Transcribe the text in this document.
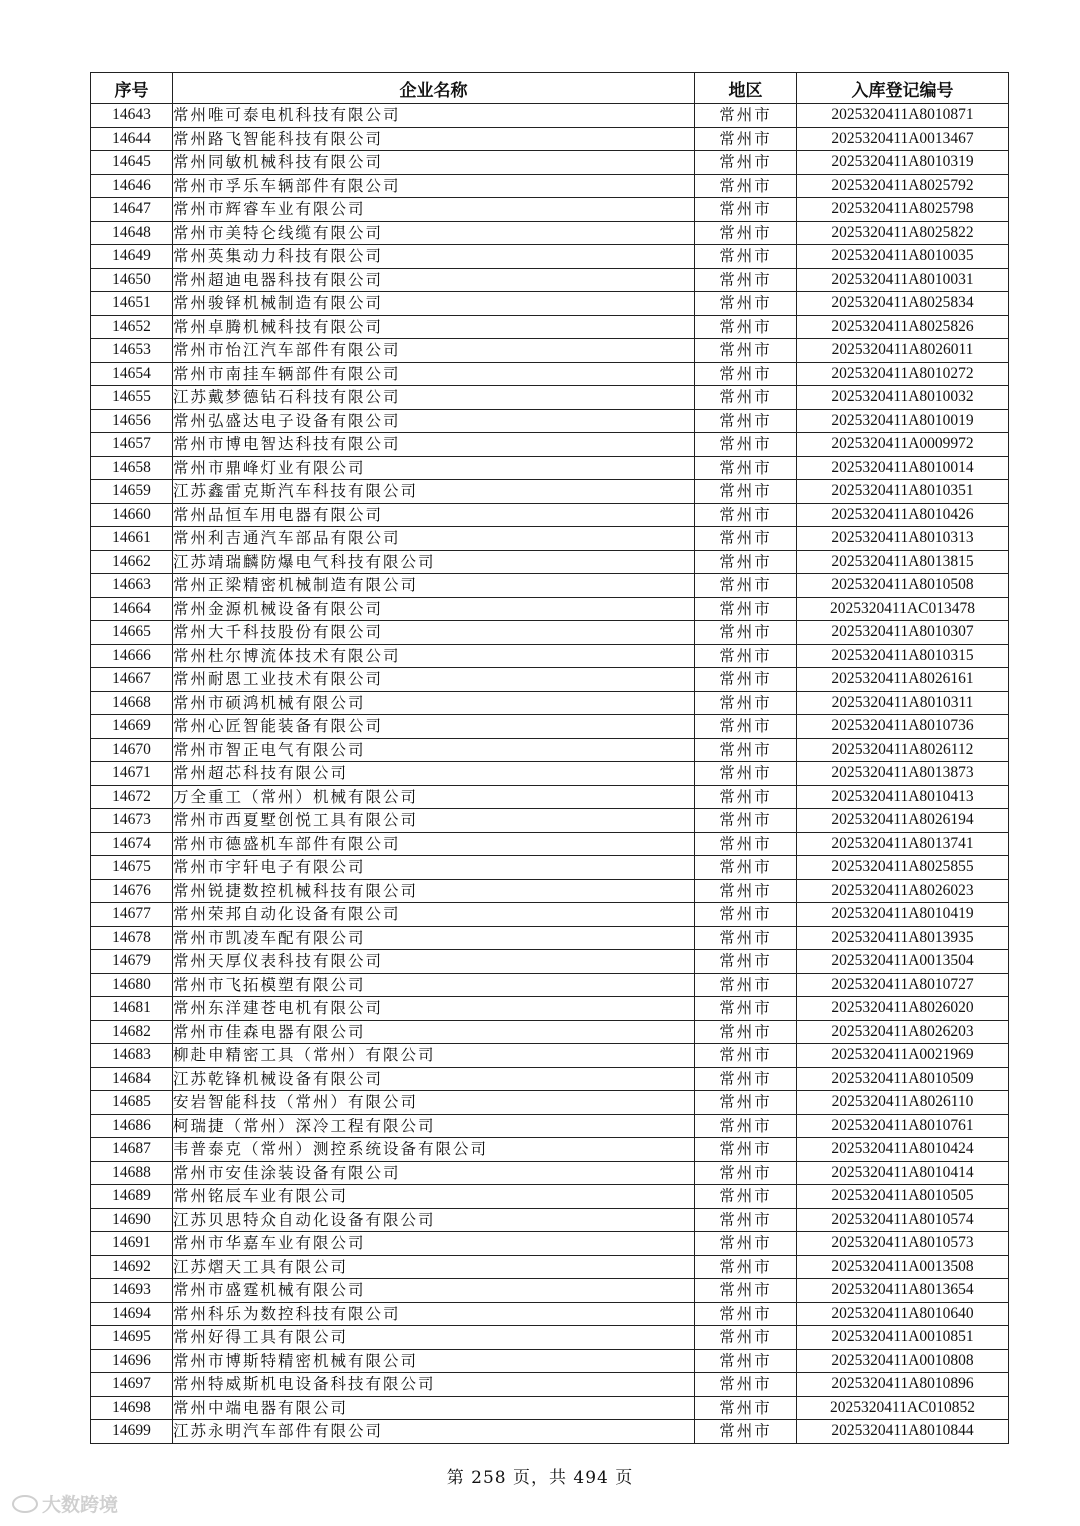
序号	企业名称	地区	入库登记编号
14643	常州唯可泰电机科技有限公司	常州市	2025320411A8010871
14644	常州路飞智能科技有限公司	常州市	2025320411A0013467
14645	常州同敏机械科技有限公司	常州市	2025320411A8010319
14646	常州市孚乐车辆部件有限公司	常州市	2025320411A8025792
14647	常州市辉睿车业有限公司	常州市	2025320411A8025798
14648	常州市美特仑线缆有限公司	常州市	2025320411A8025822
14649	常州英集动力科技有限公司	常州市	2025320411A8010035
14650	常州超迪电器科技有限公司	常州市	2025320411A8010031
14651	常州骏铎机械制造有限公司	常州市	2025320411A8025834
14652	常州卓腾机械科技有限公司	常州市	2025320411A8025826
14653	常州市怡江汽车部件有限公司	常州市	2025320411A8026011
14654	常州市南挂车辆部件有限公司	常州市	2025320411A8010272
14655	江苏戴梦德钻石科技有限公司	常州市	2025320411A8010032
14656	常州弘盛达电子设备有限公司	常州市	2025320411A8010019
14657	常州市博电智达科技有限公司	常州市	2025320411A0009972
14658	常州市鼎峰灯业有限公司	常州市	2025320411A8010014
14659	江苏鑫雷克斯汽车科技有限公司	常州市	2025320411A8010351
14660	常州品恒车用电器有限公司	常州市	2025320411A8010426
14661	常州利吉通汽车部品有限公司	常州市	2025320411A8010313
14662	江苏靖瑞麟防爆电气科技有限公司	常州市	2025320411A8013815
14663	常州正梁精密机械制造有限公司	常州市	2025320411A8010508
14664	常州金源机械设备有限公司	常州市	2025320411AC013478
14665	常州大千科技股份有限公司	常州市	2025320411A8010307
14666	常州杜尔博流体技术有限公司	常州市	2025320411A8010315
14667	常州耐恩工业技术有限公司	常州市	2025320411A8026161
14668	常州市硕鸿机械有限公司	常州市	2025320411A8010311
14669	常州心匠智能装备有限公司	常州市	2025320411A8010736
14670	常州市智正电气有限公司	常州市	2025320411A8026112
14671	常州超芯科技有限公司	常州市	2025320411A8013873
14672	万全重工（常州）机械有限公司	常州市	2025320411A8010413
14673	常州市西夏墅创悦工具有限公司	常州市	2025320411A8026194
14674	常州市德盛机车部件有限公司	常州市	2025320411A8013741
14675	常州市宇轩电子有限公司	常州市	2025320411A8025855
14676	常州锐捷数控机械科技有限公司	常州市	2025320411A8026023
14677	常州荣邦自动化设备有限公司	常州市	2025320411A8010419
14678	常州市凯凌车配有限公司	常州市	2025320411A8013935
14679	常州天厚仪表科技有限公司	常州市	2025320411A0013504
14680	常州市飞拓模塑有限公司	常州市	2025320411A8010727
14681	常州东洋建苍电机有限公司	常州市	2025320411A8026020
14682	常州市佳森电器有限公司	常州市	2025320411A8026203
14683	柳赴申精密工具（常州）有限公司	常州市	2025320411A0021969
14684	江苏乾锋机械设备有限公司	常州市	2025320411A8010509
14685	安岩智能科技（常州）有限公司	常州市	2025320411A8026110
14686	柯瑞捷（常州）深冷工程有限公司	常州市	2025320411A8010761
14687	韦普泰克（常州）测控系统设备有限公司	常州市	2025320411A8010424
14688	常州市安佳涂装设备有限公司	常州市	2025320411A8010414
14689	常州铭辰车业有限公司	常州市	2025320411A8010505
14690	江苏贝思特众自动化设备有限公司	常州市	2025320411A8010574
14691	常州市华嘉车业有限公司	常州市	2025320411A8010573
14692	江苏熠天工具有限公司	常州市	2025320411A0013508
14693	常州市盛霆机械有限公司	常州市	2025320411A8013654
14694	常州科乐为数控科技有限公司	常州市	2025320411A8010640
14695	常州好得工具有限公司	常州市	2025320411A0010851
14696	常州市博斯特精密机械有限公司	常州市	2025320411A0010808
14697	常州特威斯机电设备科技有限公司	常州市	2025320411A8010896
14698	常州中端电器有限公司	常州市	2025320411AC010852
14699	江苏永明汽车部件有限公司	常州市	2025320411A8010844
第 258 页，共 494 页
大数跨境
